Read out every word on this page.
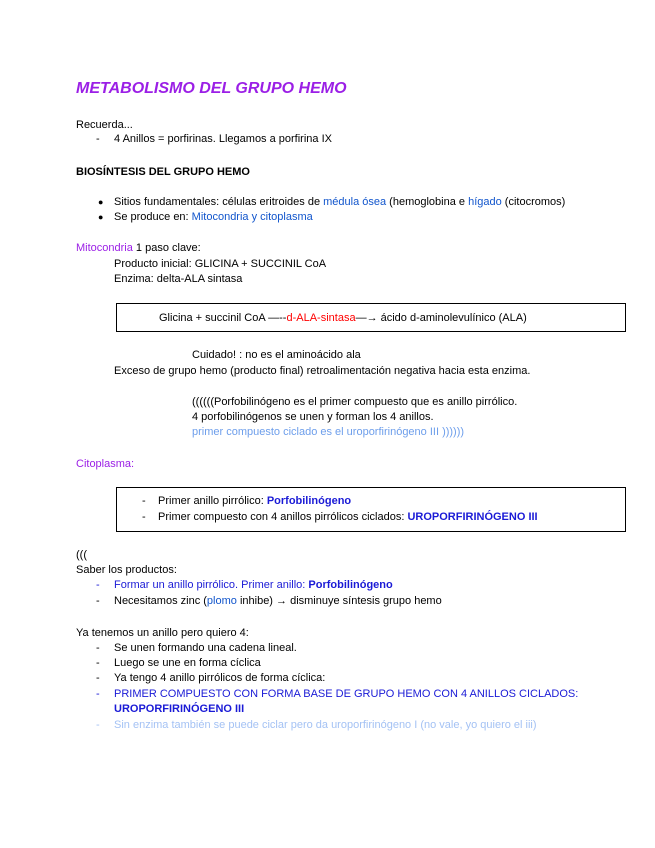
METABOLISMO DEL GRUPO HEMO
Recuerda...
- 4 Anillos = porfirinas. Llegamos a porfirina IX
BIOSÍNTESIS DEL GRUPO HEMO
● Sitios fundamentales: células eritroides de médula ósea (hemoglobina e hígado (citocromos)
● Se produce en: Mitocondria y citoplasma
Mitocondria 1 paso clave:
Producto inicial: GLICINA + SUCCINIL CoA
Enzima: delta-ALA sintasa
Glicina + succinil CoA —--d-ALA-sintasa—→ ácido d-aminolevulínico (ALA)
Cuidado! : no es el aminoácido ala
Exceso de grupo hemo (producto final) retroalimentación negativa hacia esta enzima.
((((((Porfobilinógeno es el primer compuesto que es anillo pirrólico.
4 porfobilinógenos se unen y forman los 4 anillos.
primer compuesto ciclado es el uroporfirinógeno III ))))))
Citoplasma:
- Primer anillo pirrólico: Porfobilinógeno
- Primer compuesto con 4 anillos pirrólicos ciclados: UROPORFIRINÓGENO III
(((
Saber los productos:
- Formar un anillo pirrólico. Primer anillo: Porfobilinógeno
- Necesitamos zinc (plomo inhibe) → disminuye síntesis grupo hemo
Ya tenemos un anillo pero quiero 4:
- Se unen formando una cadena lineal.
- Luego se une en forma cíclica
- Ya tengo 4 anillo pirrólicos de forma cíclica:
- PRIMER COMPUESTO CON FORMA BASE DE GRUPO HEMO CON 4 ANILLOS CICLADOS:
UROPORFIRINÓGENO III
- Sin enzima también se puede ciclar pero da uroporfirinógeno I (no vale, yo quiero el iii)
